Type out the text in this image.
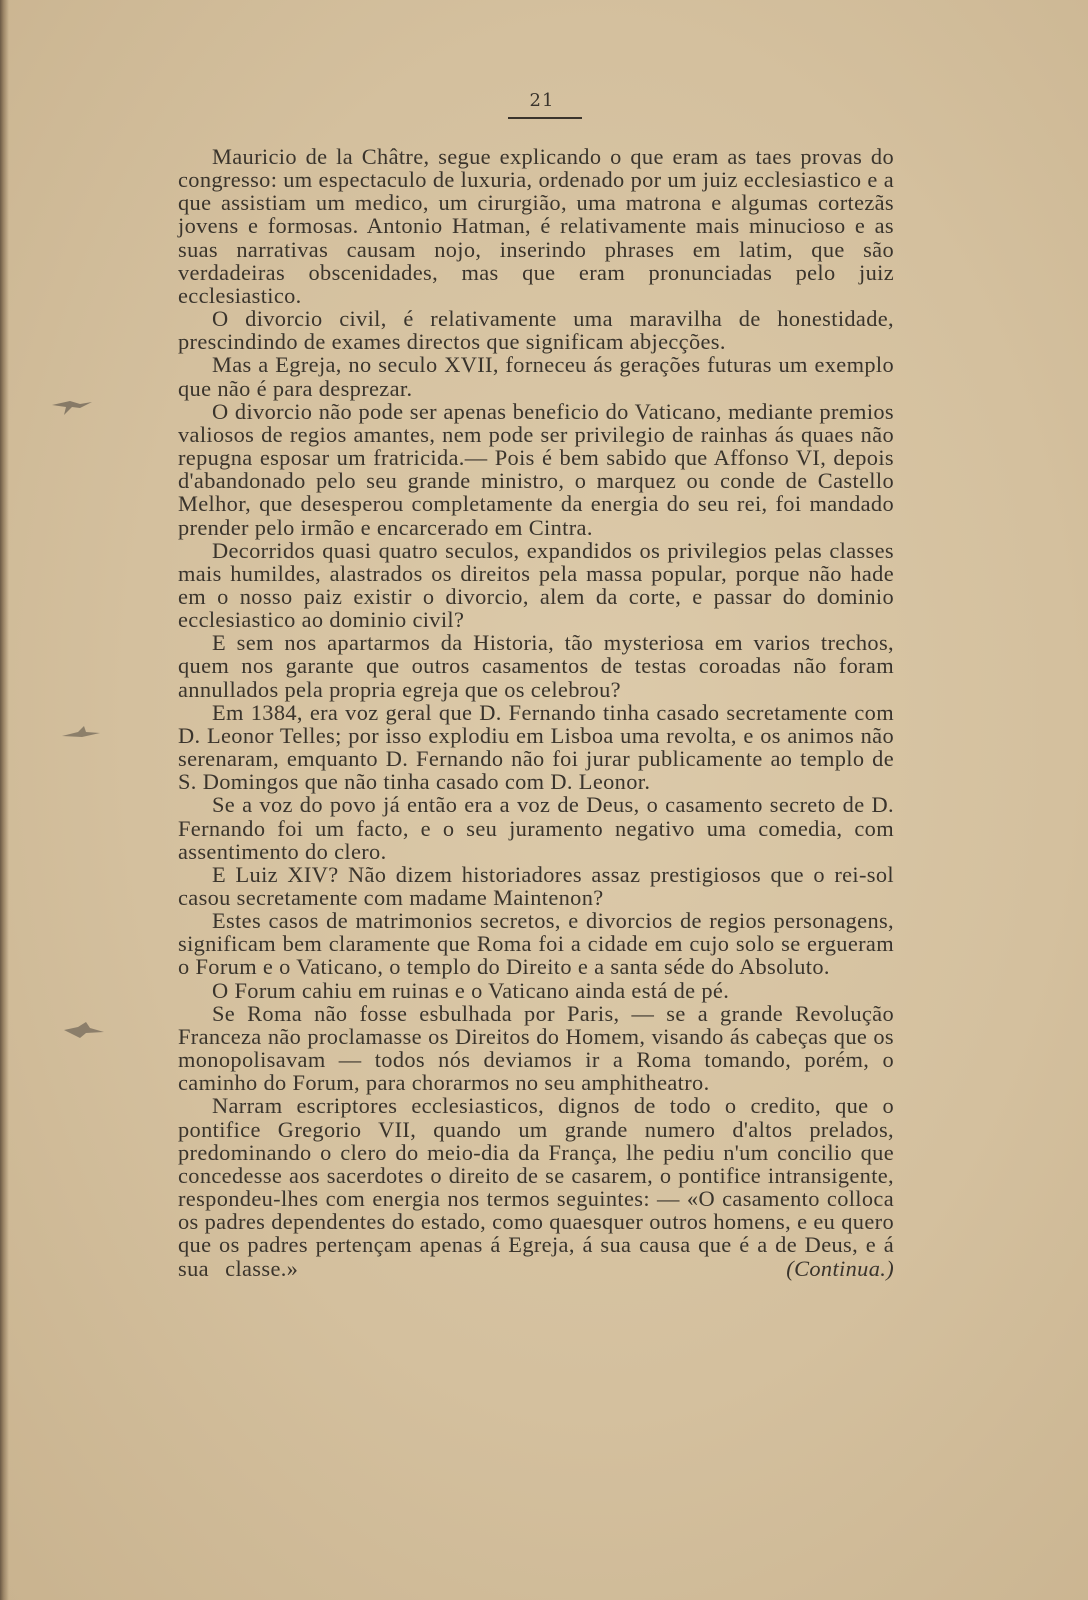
21

Mauricio de la Châtre, segue explicando o que eram as taes provas do congresso: um espectaculo de luxuria, ordenado por um juiz ecclesiastico e a que assistiam um medico, um cirurgião, uma matrona e algumas cortezãs jovens e formosas. Antonio Hatman, é relativamente mais minucioso e as suas narrativas causam nojo, inserindo phrases em latim, que são verdadeiras obscenidades, mas que eram pronunciadas pelo juiz ecclesiastico.

O divorcio civil, é relativamente uma maravilha de honestidade, prescindindo de exames directos que significam abjecções.

Mas a Egreja, no seculo XVII, forneceu ás gerações futuras um exemplo que não é para desprezar.

O divorcio não pode ser apenas beneficio do Vaticano, mediante premios valiosos de regios amantes, nem pode ser privilegio de rainhas ás quaes não repugna esposar um fratricida.— Pois é bem sabido que Affonso VI, depois d'abandonado pelo seu grande ministro, o marquez ou conde de Castello Melhor, que desesperou completamente da energia do seu rei, foi mandado prender pelo irmão e encarcerado em Cintra.

Decorridos quasi quatro seculos, expandidos os privilegios pelas classes mais humildes, alastrados os direitos pela massa popular, porque não hade em o nosso paiz existir o divorcio, alem da corte, e passar do dominio ecclesiastico ao dominio civil?

E sem nos apartarmos da Historia, tão mysteriosa em varios trechos, quem nos garante que outros casamentos de testas coroadas não foram annullados pela propria egreja que os celebrou?

Em 1384, era voz geral que D. Fernando tinha casado secretamente com D. Leonor Telles; por isso explodiu em Lisboa uma revolta, e os animos não serenaram, emquanto D. Fernando não foi jurar publicamente ao templo de S. Domingos que não tinha casado com D. Leonor.

Se a voz do povo já então era a voz de Deus, o casamento secreto de D. Fernando foi um facto, e o seu juramento negativo uma comedia, com assentimento do clero.

E Luiz XIV? Não dizem historiadores assaz prestigiosos que o rei-sol casou secretamente com madame Maintenon?

Estes casos de matrimonios secretos, e divorcios de regios personagens, significam bem claramente que Roma foi a cidade em cujo solo se ergueram o Forum e o Vaticano, o templo do Direito e a santa séde do Absoluto.

O Forum cahiu em ruinas e o Vaticano ainda está de pé.

Se Roma não fosse esbulhada por Paris, — se a grande Revolução Franceza não proclamasse os Direitos do Homem, visando ás cabeças que os monopolisavam — todos nós deviamos ir a Roma tomando, porém, o caminho do Forum, para chorarmos no seu amphitheatro.

Narram escriptores ecclesiasticos, dignos de todo o credito, que o pontifice Gregorio VII, quando um grande numero d'altos prelados, predominando o clero do meio-dia da França, lhe pediu n'um concilio que concedesse aos sacerdotes o direito de se casarem, o pontifice intransigente, respondeu-lhes com energia nos termos seguintes: — «O casamento colloca os padres dependentes do estado, como quaesquer outros homens, e eu quero que os padres pertençam apenas á Egreja, á sua causa que é a de Deus, e á sua classe.»	(Continua.)
